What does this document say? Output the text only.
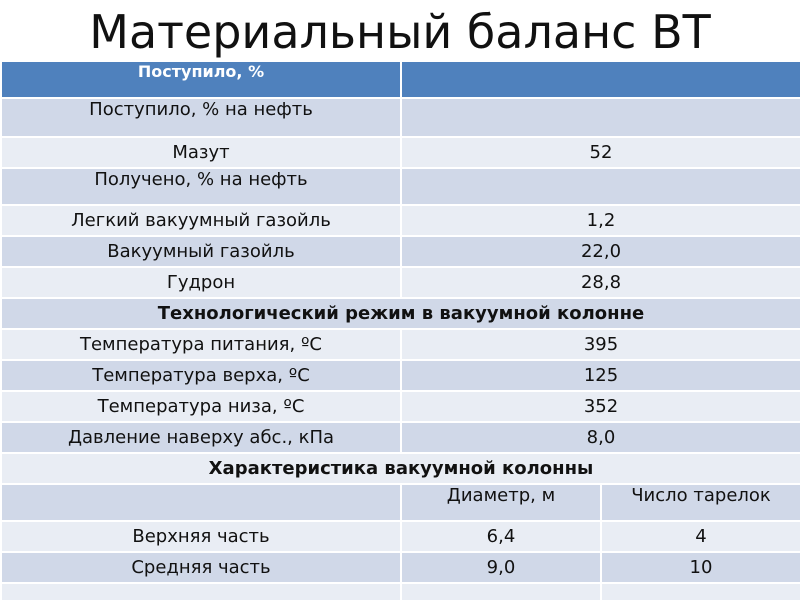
Материальный баланс ВТ
Поступило, %		
Поступило, % на нефть		
Мазут	52	
Получено, % на нефть		
Легкий вакуумный газойль	1,2	
Вакуумный газойль	22,0	
Гудрон	28,8	
Технологический режим в вакуумной колонне		
Температура питания, ºС	395	
Температура верха, ºС	125	
Температура низа, ºС	352	
Давление наверху абс., кПа	8,0	
Характеристика вакуумной колонны		
	Диаметр, м	Число тарелок
Верхняя часть	6,4	4
Средняя часть	9,0	10
